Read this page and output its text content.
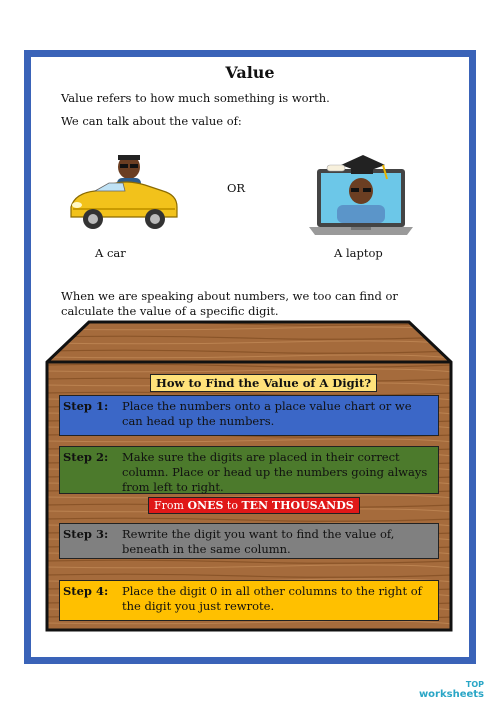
Value
Value refers to how much something is worth.
We can talk about the value of:
OR
A car	A laptop
When we are speaking about numbers, we too can find or calculate the value of a specific digit.
How to Find the Value of A Digit?
Step 1: Place the numbers onto a place value chart or we can head up the numbers.
Step 2: Make sure the digits are placed in their correct column. Place or head up the numbers going always from left to right.
From ONES to TEN THOUSANDS
Step 3: Rewrite the digit you want to find the value of, beneath in the same column.
Step 4: Place the digit 0 in all other columns to the right of the digit you just rewrote.
TOP
worksheets
